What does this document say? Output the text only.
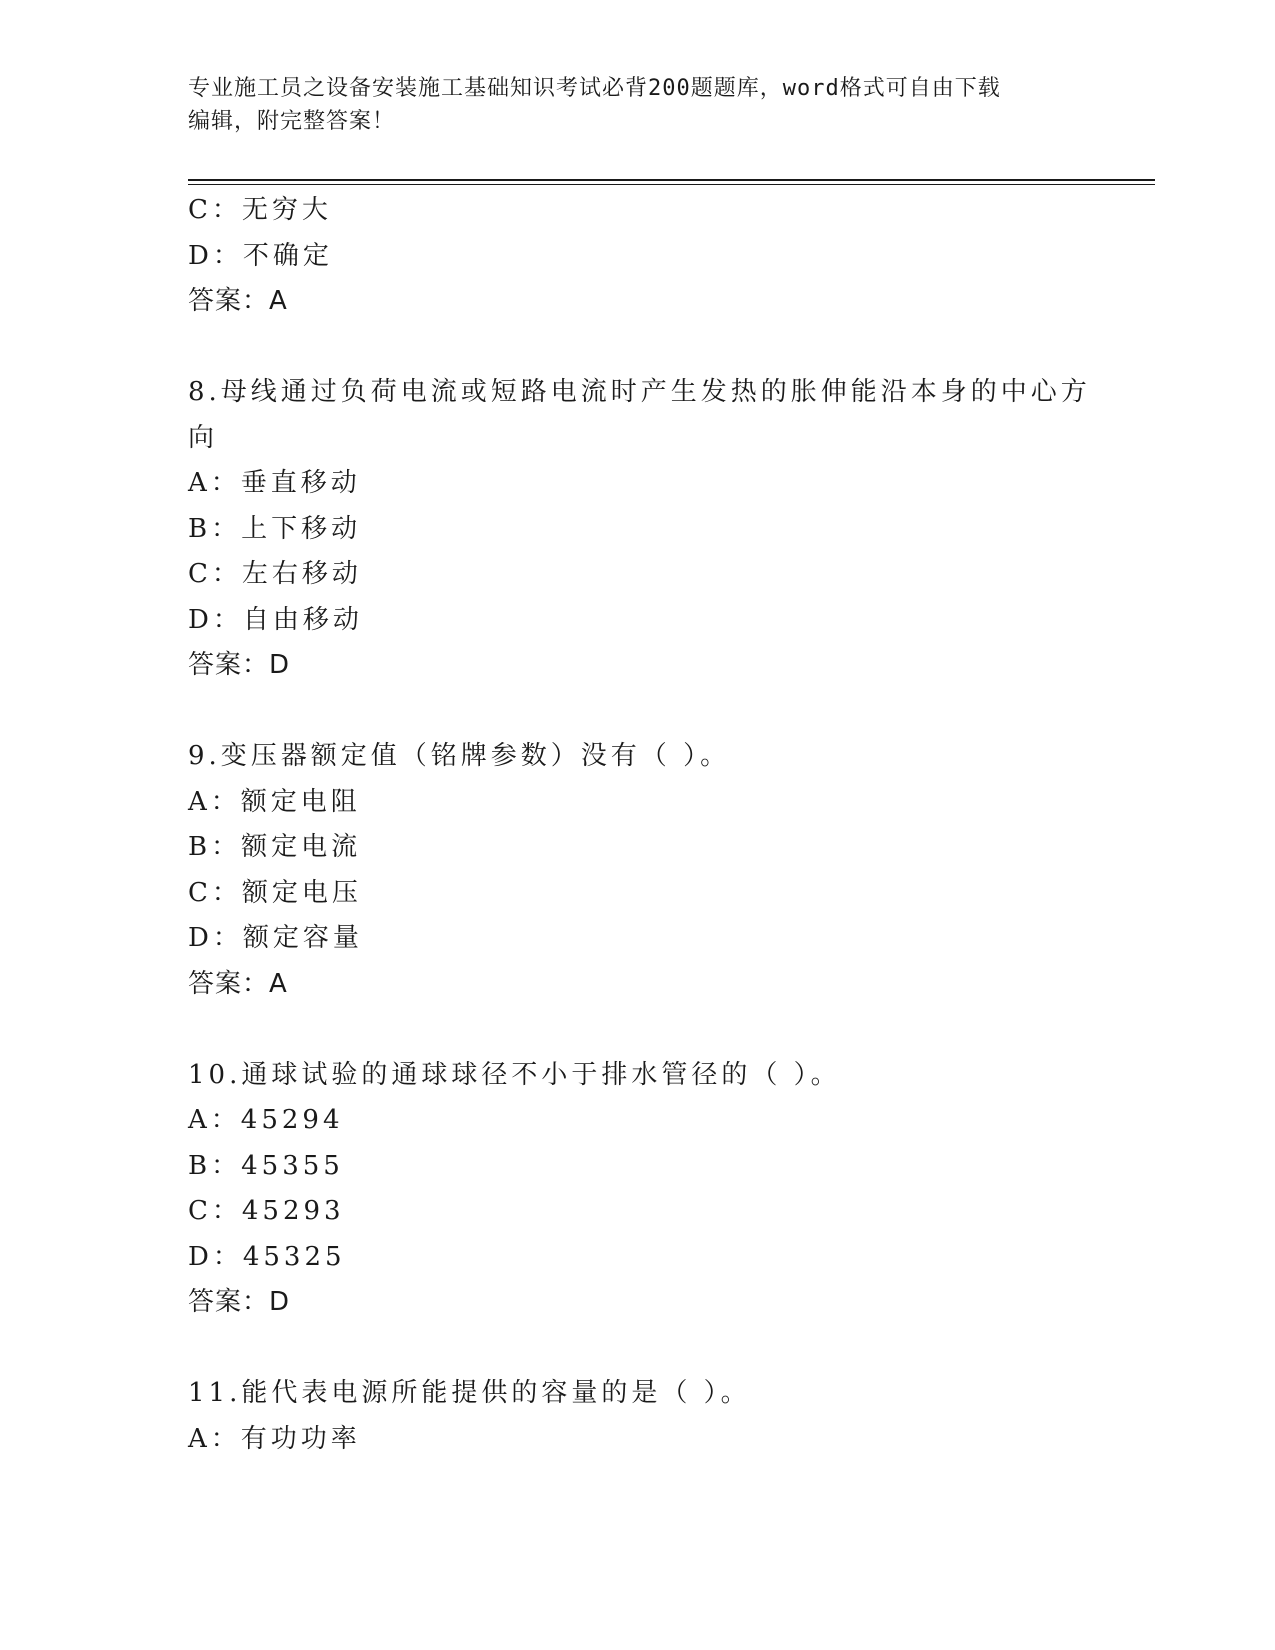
专业施工员之设备安装施工基础知识考试必背200题题库，word格式可自由下载
编辑，附完整答案！
C：无穷大
D：不确定
答案：A
8.母线通过负荷电流或短路电流时产生发热的胀伸能沿本身的中心方
向
A：垂直移动
B：上下移动
C：左右移动
D：自由移动
答案：D
9.变压器额定值（铭牌参数）没有（ ）。
A：额定电阻
B：额定电流
C：额定电压
D：额定容量
答案：A
10.通球试验的通球球径不小于排水管径的（ ）。
A：45294
B：45355
C：45293
D：45325
答案：D
11.能代表电源所能提供的容量的是（ ）。
A：有功功率
